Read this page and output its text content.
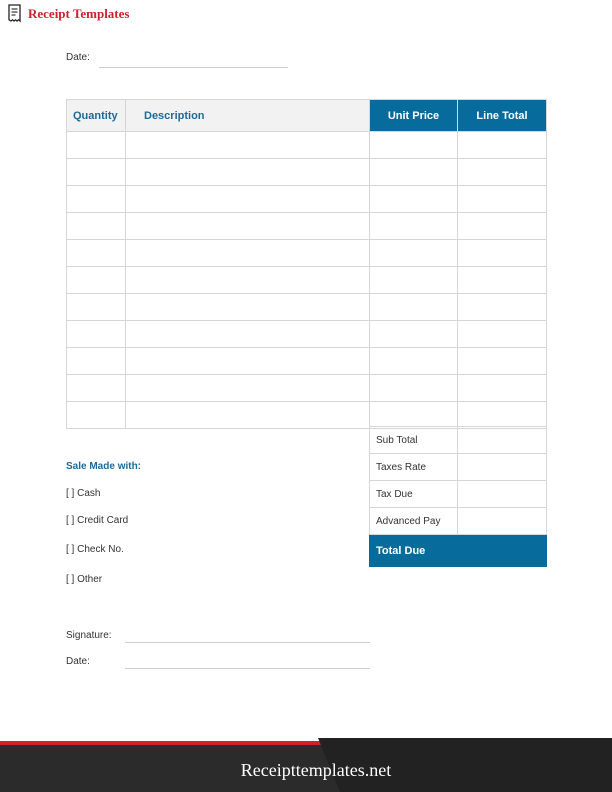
Receipt Templates
Date:
Quantity	Description	Unit Price	Line Total

Sub Total	
Taxes Rate	
Tax Due	
Advanced Pay	
Total Due	
Sale Made with:
[ ] Cash
[ ] Credit Card
[ ] Check No.
[ ] Other
Signature:
Date:
Receipttemplates.net
